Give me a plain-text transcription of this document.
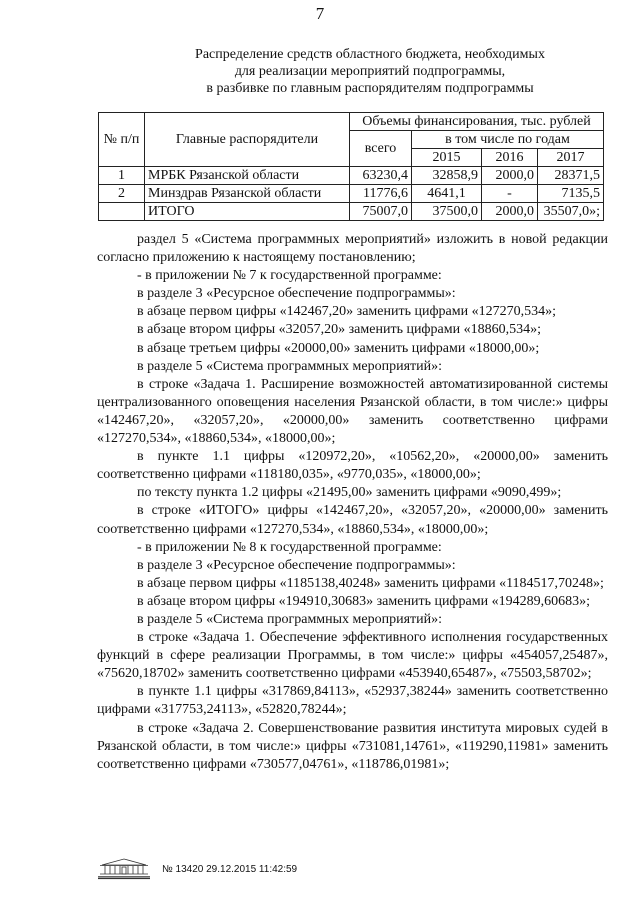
7
Распределение средств областного бюджета, необходимых
для реализации мероприятий подпрограммы,
в разбивке по главным распорядителям подпрограммы
№ п/п	Главные распорядители	Объемы финансирования, тыс. рублей			
		всего	в том числе по годам		
			2015	2016	2017
1	МРБК Рязанской области	63230,4	32858,9	2000,0	28371,5
2	Минздрав Рязанской области	11776,6	4641,1	-	7135,5
	ИТОГО	75007,0	37500,0	2000,0	35507,0»;

раздел 5 «Система программных мероприятий» изложить в новой редакции согласно приложению к настоящему постановлению;

- в приложении № 7 к государственной программе:

в разделе 3 «Ресурсное обеспечение подпрограммы»:

в абзаце первом цифры «142467,20» заменить цифрами «127270,534»;

в абзаце втором цифры «32057,20» заменить цифрами «18860,534»;

в абзаце третьем цифры «20000,00» заменить цифрами «18000,00»;

в разделе 5 «Система программных мероприятий»:

в строке «Задача 1. Расширение возможностей автоматизированной системы централизованного оповещения населения Рязанской области, в том числе:» цифры «142467,20», «32057,20», «20000,00» заменить соответственно цифрами «127270,534», «18860,534», «18000,00»;

в пункте 1.1 цифры «120972,20», «10562,20», «20000,00» заменить соответственно цифрами «118180,035», «9770,035», «18000,00»;

по тексту пункта 1.2 цифры «21495,00» заменить цифрами «9090,499»;

в строке «ИТОГО» цифры «142467,20», «32057,20», «20000,00» заменить соответственно цифрами «127270,534», «18860,534», «18000,00»;

- в приложении № 8 к государственной программе:

в разделе 3 «Ресурсное обеспечение подпрограммы»:

в абзаце первом цифры «1185138,40248» заменить цифрами «1184517,70248»;

в абзаце втором цифры «194910,30683» заменить цифрами «194289,60683»;

в разделе 5 «Система программных мероприятий»:

в строке «Задача 1. Обеспечение эффективного исполнения государственных функций в сфере реализации Программы, в том числе:» цифры «454057,25487», «75620,18702» заменить соответственно цифрами «453940,65487», «75503,58702»;

в пункте 1.1 цифры «317869,84113», «52937,38244» заменить соответственно цифрами «317753,24113», «52820,78244»;

в строке «Задача 2. Совершенствование развития института мировых судей в Рязанской области, в том числе:» цифры «731081,14761», «119290,11981» заменить соответственно цифрами «730577,04761», «118786,01981»;

№ 13420 29.12.2015 11:42:59
